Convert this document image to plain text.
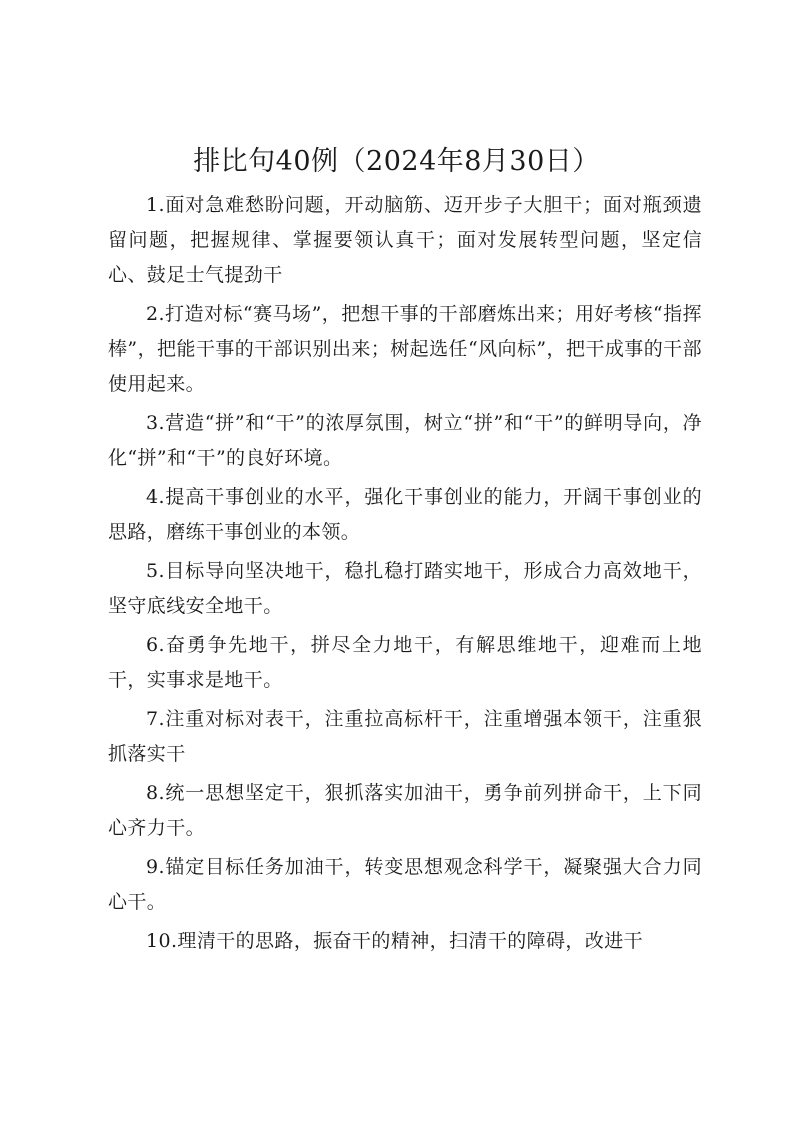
排比句40例（2024年8月30日）

1.面对急难愁盼问题，开动脑筋、迈开步子大胆干；面对瓶颈遗留问题，把握规律、掌握要领认真干；面对发展转型问题，坚定信心、鼓足士气提劲干

2.打造对标“赛马场”，把想干事的干部磨炼出来；用好考核“指挥棒”，把能干事的干部识别出来；树起选任“风向标”，把干成事的干部使用起来。

3.营造“拼”和“干”的浓厚氛围，树立“拼”和“干”的鲜明导向，净化“拼”和“干”的良好环境。

4.提高干事创业的水平，强化干事创业的能力，开阔干事创业的思路，磨练干事创业的本领。

5.目标导向坚决地干，稳扎稳打踏实地干，形成合力高效地干，坚守底线安全地干。

6.奋勇争先地干，拼尽全力地干，有解思维地干，迎难而上地干，实事求是地干。

7.注重对标对表干，注重拉高标杆干，注重增强本领干，注重狠抓落实干

8.统一思想坚定干，狠抓落实加油干，勇争前列拼命干，上下同心齐力干。

9.锚定目标任务加油干，转变思想观念科学干，凝聚强大合力同心干。

10.理清干的思路，振奋干的精神，扫清干的障碍，改进干
